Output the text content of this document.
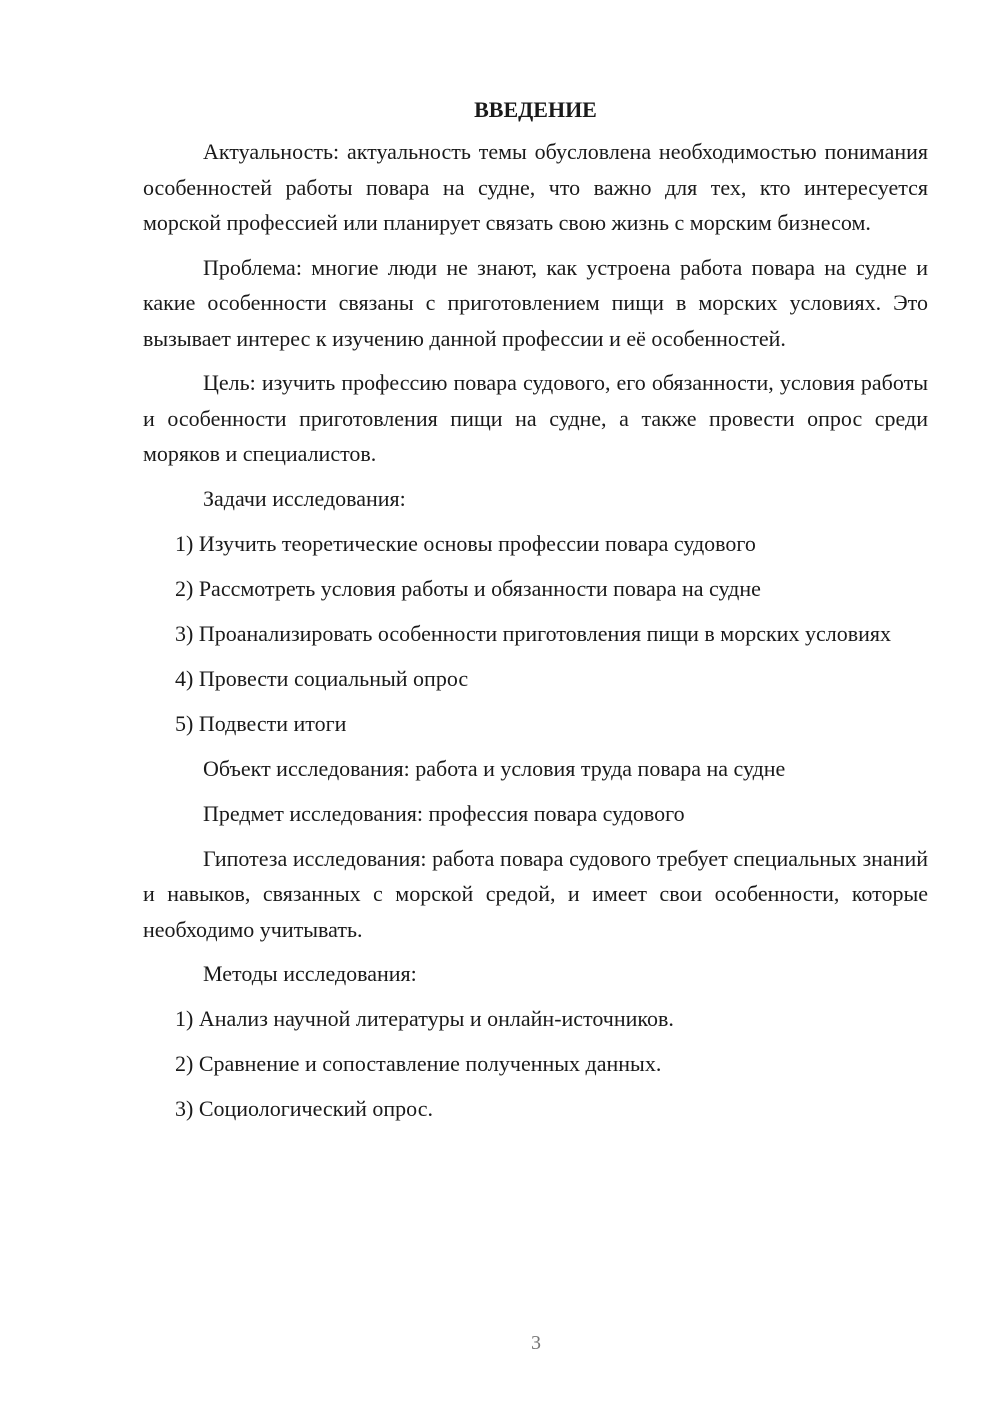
ВВЕДЕНИЕ

Актуальность: актуальность темы обусловлена необходимостью понимания особенностей работы повара на судне, что важно для тех, кто интересуется морской профессией или планирует связать свою жизнь с морским бизнесом.

Проблема: многие люди не знают, как устроена работа повара на судне и какие особенности связаны с приготовлением пищи в морских условиях. Это вызывает интерес к изучению данной профессии и её особенностей.

Цель: изучить профессию повара судового, его обязанности, условия работы и особенности приготовления пищи на судне, а также провести опрос среди моряков и специалистов.

Задачи исследования:
1) Изучить теоретические основы профессии повара судового
2) Рассмотреть условия работы и обязанности повара на судне

3) Проанализировать особенности приготовления пищи в морских условиях

4) Провести социальный опрос
5) Подвести итоги
Объект исследования: работа и условия труда повара на судне
Предмет исследования: профессия повара судового

Гипотеза исследования: работа повара судового требует специальных знаний и навыков, связанных с морской средой, и имеет свои особенности, которые необходимо учитывать.

Методы исследования:
1) Анализ научной литературы и онлайн-источников.
2) Сравнение и сопоставление полученных данных.
3) Социологический опрос.
3
